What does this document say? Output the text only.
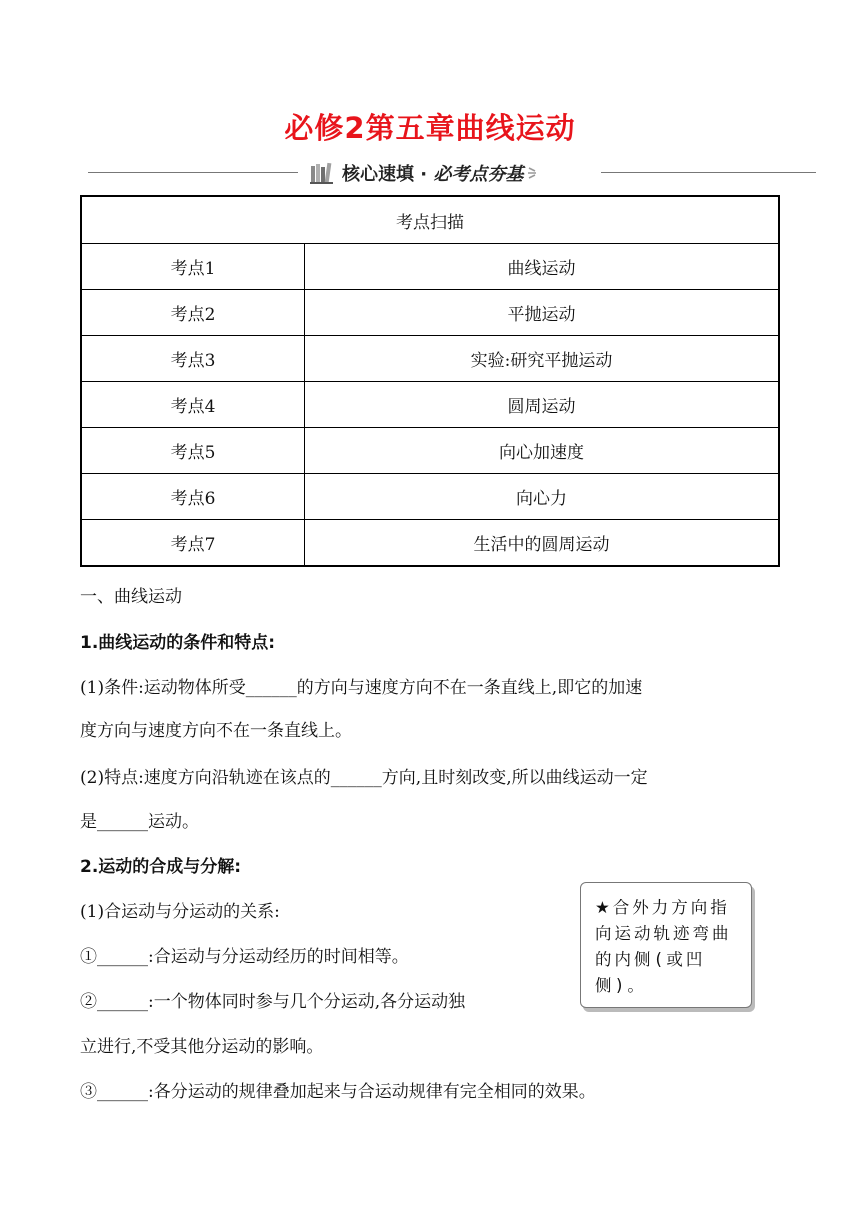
必修2第五章曲线运动
核心速填 · 必考点夯基
考点扫描	
考点1	曲线运动
考点2	平抛运动
考点3	实验:研究平抛运动
考点4	圆周运动
考点5	向心加速度
考点6	向心力
考点7	生活中的圆周运动
一、曲线运动
1.曲线运动的条件和特点:
(1)条件:运动物体所受______的方向与速度方向不在一条直线上,即它的加速
度方向与速度方向不在一条直线上。
(2)特点:速度方向沿轨迹在该点的______方向,且时刻改变,所以曲线运动一定
是______运动。
2.运动的合成与分解:
(1)合运动与分运动的关系:
①______:合运动与分运动经历的时间相等。
②______:一个物体同时参与几个分运动,各分运动独
立进行,不受其他分运动的影响。
③______:各分运动的规律叠加起来与合运动规律有完全相同的效果。
★合外力方向指向运动轨迹弯曲的内侧(或凹侧)。
